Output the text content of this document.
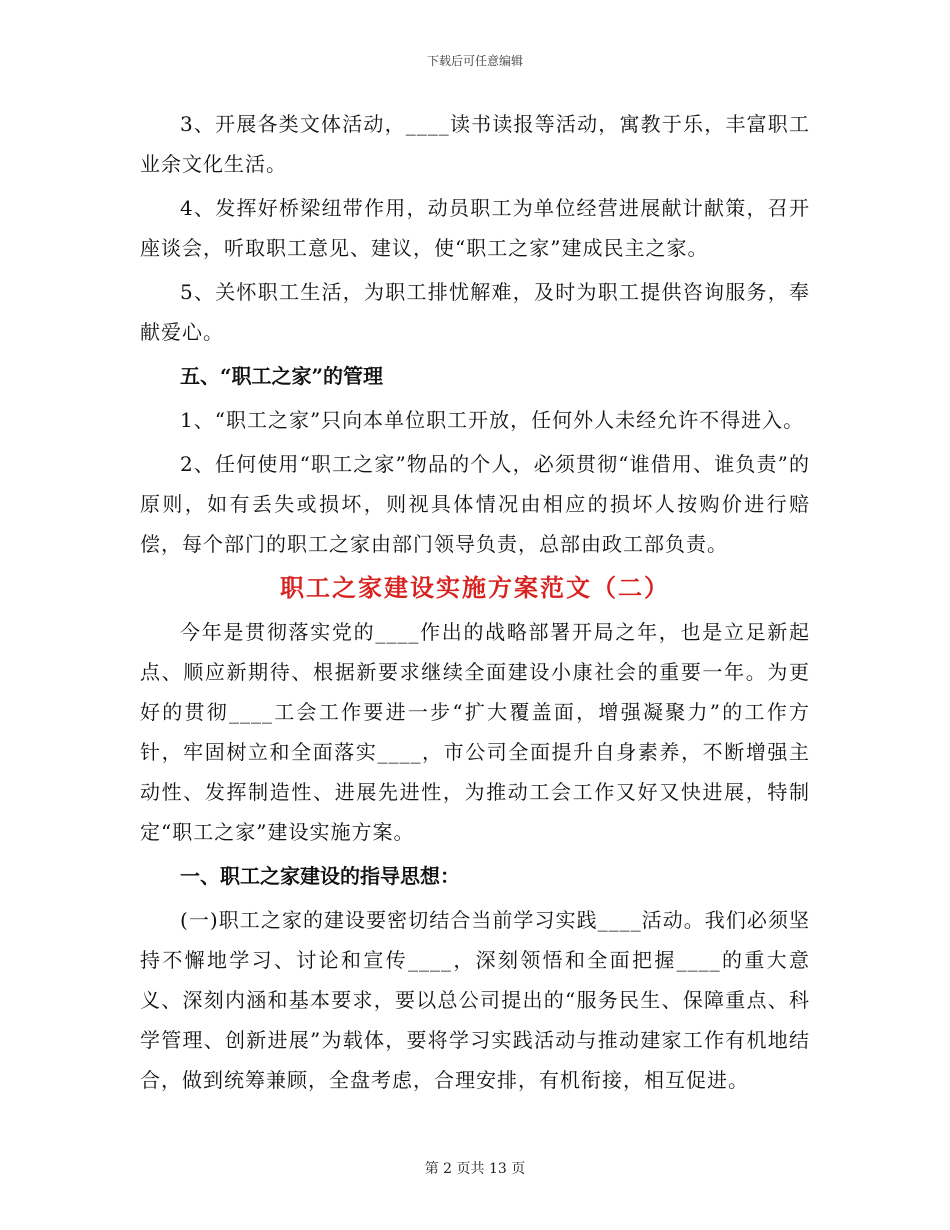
下载后可任意编辑

3、开展各类文体活动，____读书读报等活动，寓教于乐，丰富职工业余文化生活。

4、发挥好桥梁纽带作用，动员职工为单位经营进展献计献策，召开座谈会，听取职工意见、建议，使“职工之家”建成民主之家。

5、关怀职工生活，为职工排忧解难，及时为职工提供咨询服务，奉献爱心。

五、“职工之家”的管理

1、“职工之家”只向本单位职工开放，任何外人未经允许不得进入。

2、任何使用“职工之家”物品的个人，必须贯彻“谁借用、谁负责”的原则，如有丢失或损坏，则视具体情况由相应的损坏人按购价进行赔偿，每个部门的职工之家由部门领导负责，总部由政工部负责。

职工之家建设实施方案范文（二）

今年是贯彻落实党的____作出的战略部署开局之年，也是立足新起点、顺应新期待、根据新要求继续全面建设小康社会的重要一年。为更好的贯彻____工会工作要进一步“扩大覆盖面，增强凝聚力”的工作方针，牢固树立和全面落实____，市公司全面提升自身素养，不断增强主动性、发挥制造性、进展先进性，为推动工会工作又好又快进展，特制定“职工之家”建设实施方案。

一、职工之家建设的指导思想：

(一)职工之家的建设要密切结合当前学习实践____活动。我们必须坚持不懈地学习、讨论和宣传____，深刻领悟和全面把握____的重大意义、深刻内涵和基本要求，要以总公司提出的“服务民生、保障重点、科学管理、创新进展”为载体，要将学习实践活动与推动建家工作有机地结合，做到统筹兼顾，全盘考虑，合理安排，有机衔接，相互促进。

第 2 页共 13 页
